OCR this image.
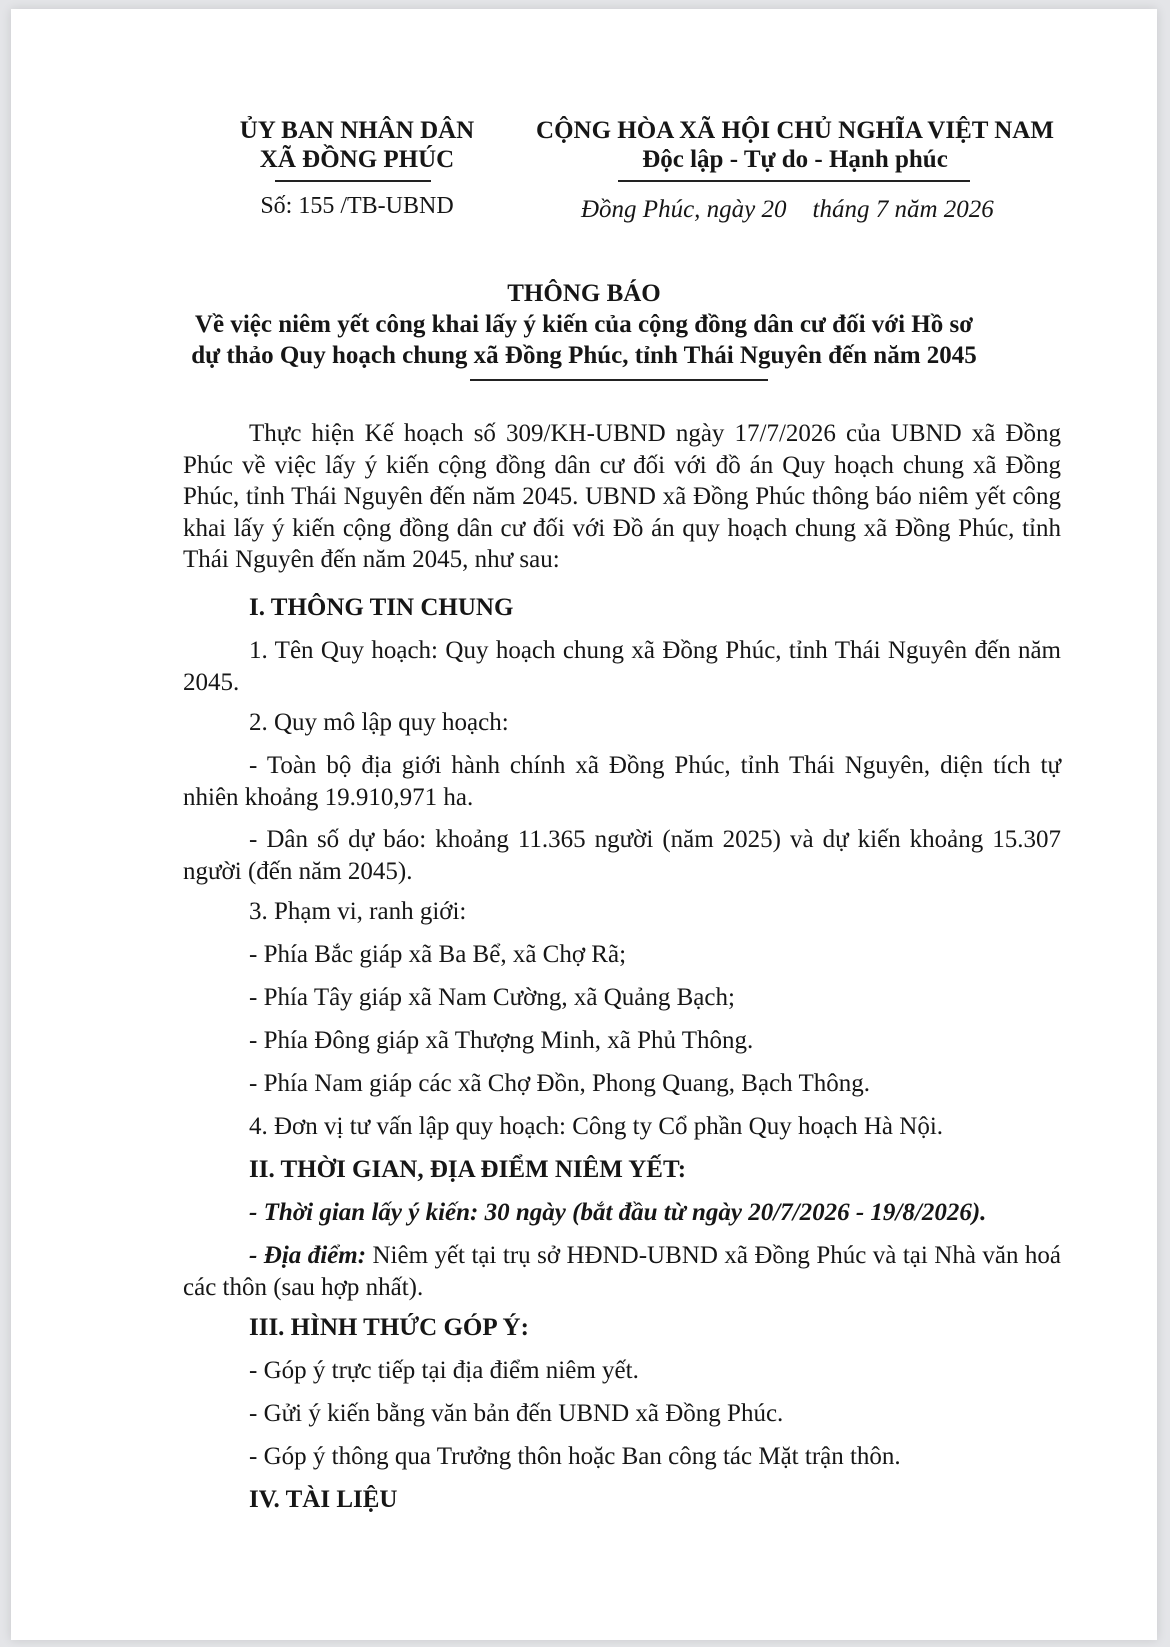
ỦY BAN NHÂN DÂN
XÃ ĐỒNG PHÚC
Số: 155 /TB-UBND
CỘNG HÒA XÃ HỘI CHỦ NGHĨA VIỆT NAM
Độc lập - Tự do - Hạnh phúc
Đồng Phúc, ngày 20 tháng 7 năm 2026
THÔNG BÁO
Về việc niêm yết công khai lấy ý kiến của cộng đồng dân cư đối với Hồ sơ
dự thảo Quy hoạch chung xã Đồng Phúc, tỉnh Thái Nguyên đến năm 2045
Thực hiện Kế hoạch số 309/KH-UBND ngày 17/7/2026 của UBND xã Đồng Phúc về việc lấy ý kiến cộng đồng dân cư đối với đồ án Quy hoạch chung xã Đồng Phúc, tỉnh Thái Nguyên đến năm 2045. UBND xã Đồng Phúc thông báo niêm yết công khai lấy ý kiến cộng đồng dân cư đối với Đồ án quy hoạch chung xã Đồng Phúc, tỉnh Thái Nguyên đến năm 2045, như sau:
I. THÔNG TIN CHUNG
1. Tên Quy hoạch: Quy hoạch chung xã Đồng Phúc, tỉnh Thái Nguyên đến năm 2045.
2. Quy mô lập quy hoạch:
- Toàn bộ địa giới hành chính xã Đồng Phúc, tỉnh Thái Nguyên, diện tích tự nhiên khoảng 19.910,971 ha.
- Dân số dự báo: khoảng 11.365 người (năm 2025) và dự kiến khoảng 15.307 người (đến năm 2045).
3. Phạm vi, ranh giới:
- Phía Bắc giáp xã Ba Bể, xã Chợ Rã;
- Phía Tây giáp xã Nam Cường, xã Quảng Bạch;
- Phía Đông giáp xã Thượng Minh, xã Phủ Thông.
- Phía Nam giáp các xã Chợ Đồn, Phong Quang, Bạch Thông.
4. Đơn vị tư vấn lập quy hoạch: Công ty Cổ phần Quy hoạch Hà Nội.
II. THỜI GIAN, ĐỊA ĐIỂM NIÊM YẾT:
- Thời gian lấy ý kiến: 30 ngày (bắt đầu từ ngày 20/7/2026 - 19/8/2026).
- Địa điểm: Niêm yết tại trụ sở HĐND-UBND xã Đồng Phúc và tại Nhà văn hoá các thôn (sau hợp nhất).
III. HÌNH THỨC GÓP Ý:
- Góp ý trực tiếp tại địa điểm niêm yết.
- Gửi ý kiến bằng văn bản đến UBND xã Đồng Phúc.
- Góp ý thông qua Trưởng thôn hoặc Ban công tác Mặt trận thôn.
IV. TÀI LIỆU
